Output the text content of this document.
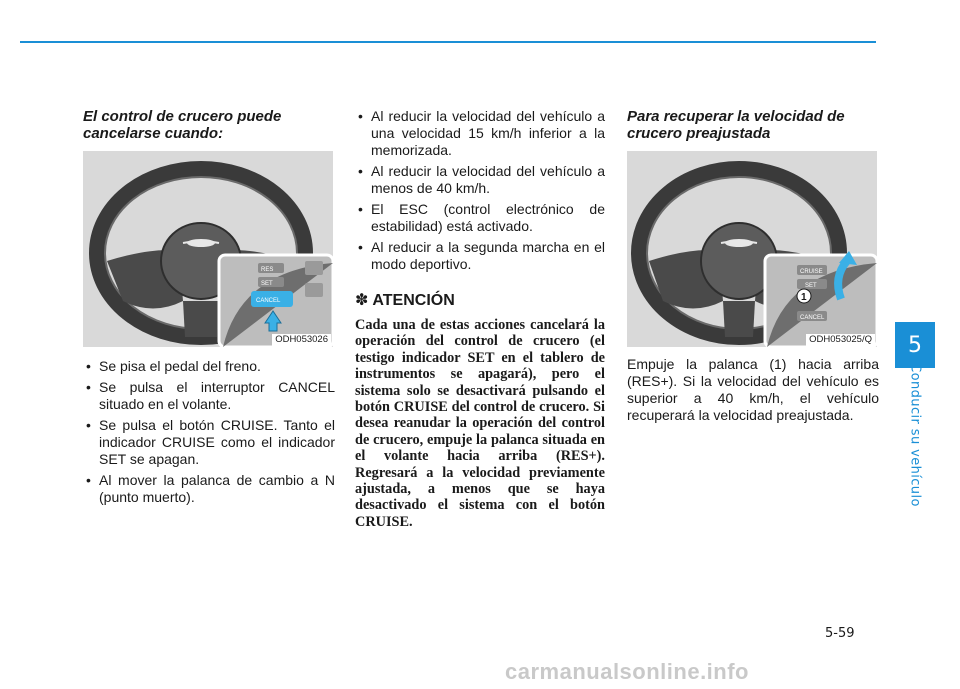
5
Conducir su vehículo
El control de crucero puede cancelarse cuando:
RES
SET
CANCEL
ODH053026
• Se pisa el pedal del freno.
• Se pulsa el interruptor CANCEL situado en el volante.
• Se pulsa el botón CRUISE. Tanto el indicador CRUISE como el indicador SET se apagan.
• Al mover la palanca de cambio a N (punto muerto).
• Al reducir la velocidad del vehículo a una velocidad 15 km/h inferior a la memorizada.
• Al reducir la velocidad del vehículo a menos de 40 km/h.
• El ESC (control electrónico de estabilidad) está activado.
• Al reducir a la segunda marcha en el modo deportivo.
✽ ATENCIÓN

Cada una de estas acciones cancelará la operación del control de crucero (el testigo indicador SET en el tablero de instrumentos se apagará), pero el sistema solo se desactivará pulsando el botón CRUISE del control de crucero. Si desea reanudar la operación del control de crucero, empuje la palanca situada en el volante hacia arriba (RES+). Regresará a la velocidad previamente ajustada, a menos que se haya desactivado el sistema con el botón CRUISE.

Para recuperar la velocidad de crucero preajustada
CRUISE
SET
CANCEL
1
ODH053025/Q

Empuje la palanca (1) hacia arriba (RES+). Si la velocidad del vehículo es superior a 40 km/h, el vehículo recuperará la velocidad preajustada.

5-59
carmanualsonline.info
